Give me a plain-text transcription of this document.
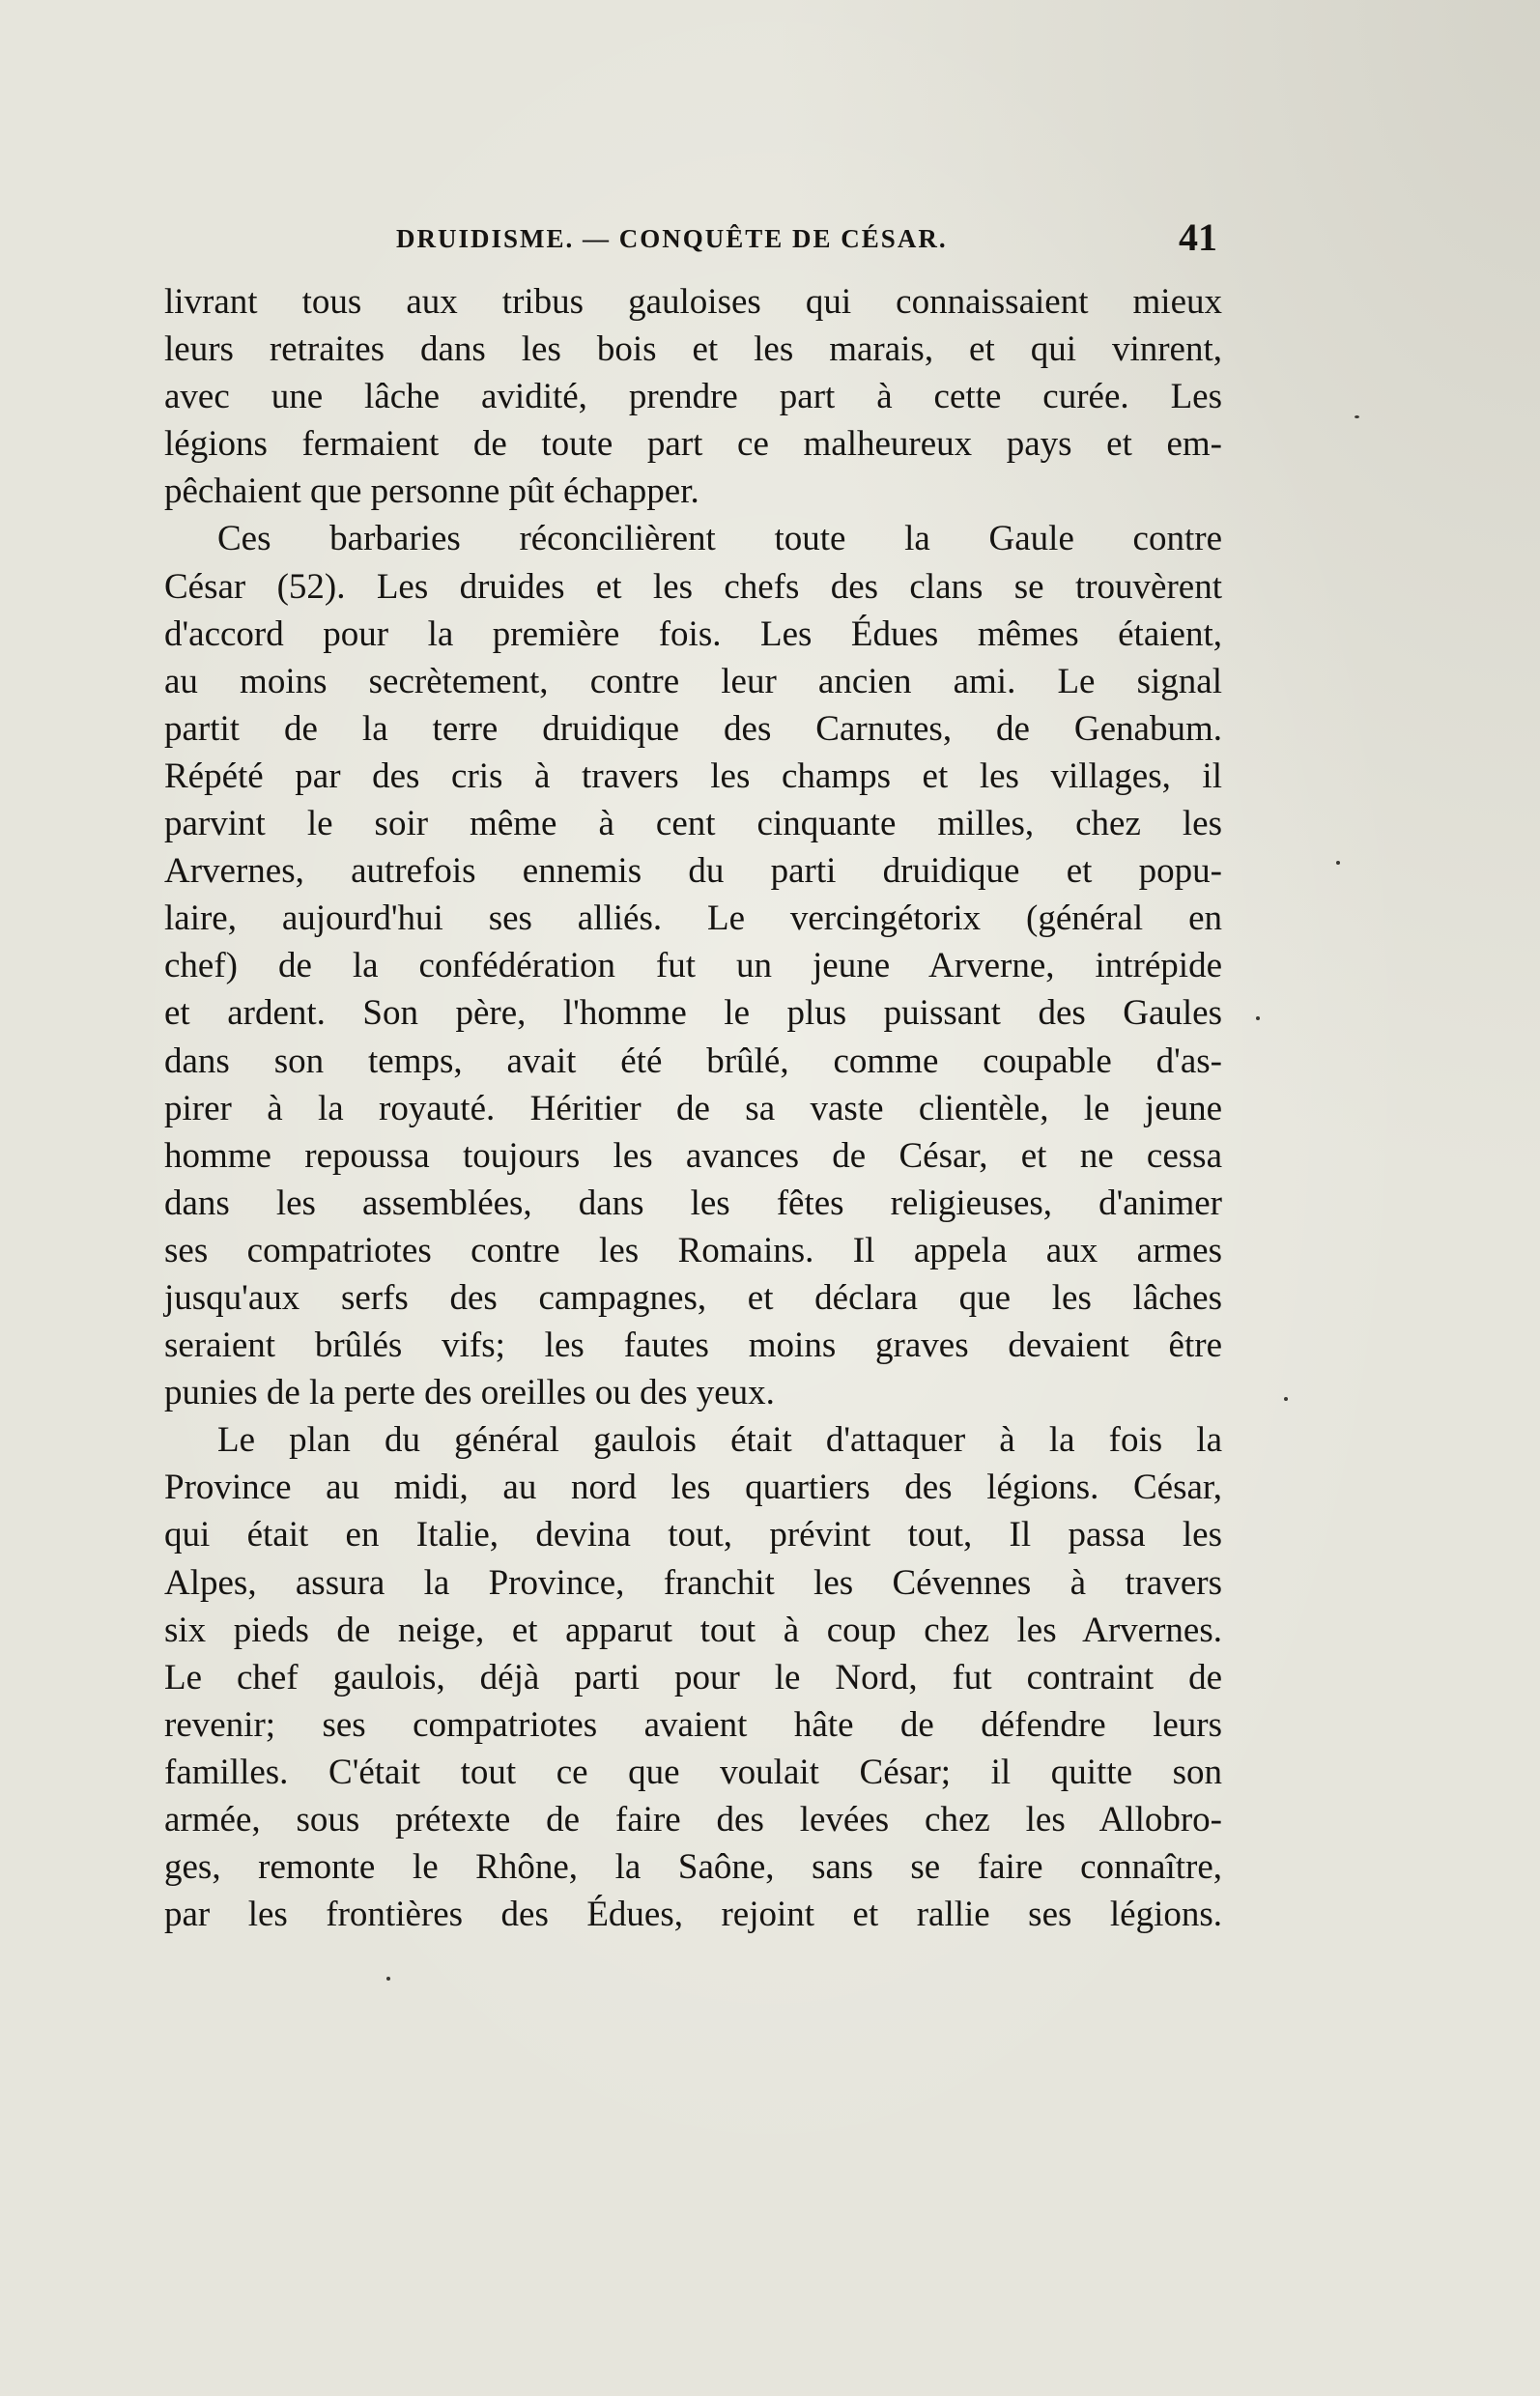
DRUIDISME. — CONQUÊTE DE CÉSAR.	41
livrant tous aux tribus gauloises qui connaissaient mieux
leurs retraites dans les bois et les marais, et qui vinrent,
avec une lâche avidité, prendre part à cette curée. Les
légions fermaient de toute part ce malheureux pays et em-
pêchaient que personne pût échapper.
Ces barbaries réconcilièrent toute la Gaule contre
César (52). Les druides et les chefs des clans se trouvèrent
d'accord pour la première fois. Les Édues mêmes étaient,
au moins secrètement, contre leur ancien ami. Le signal
partit de la terre druidique des Carnutes, de Genabum.
Répété par des cris à travers les champs et les villages, il
parvint le soir même à cent cinquante milles, chez les
Arvernes, autrefois ennemis du parti druidique et popu-
laire, aujourd'hui ses alliés. Le vercingétorix (général en
chef) de la confédération fut un jeune Arverne, intrépide
et ardent. Son père, l'homme le plus puissant des Gaules
dans son temps, avait été brûlé, comme coupable d'as-
pirer à la royauté. Héritier de sa vaste clientèle, le jeune
homme repoussa toujours les avances de César, et ne cessa
dans les assemblées, dans les fêtes religieuses, d'animer
ses compatriotes contre les Romains. Il appela aux armes
jusqu'aux serfs des campagnes, et déclara que les lâches
seraient brûlés vifs; les fautes moins graves devaient être
punies de la perte des oreilles ou des yeux.
Le plan du général gaulois était d'attaquer à la fois la
Province au midi, au nord les quartiers des légions. César,
qui était en Italie, devina tout, prévint tout, Il passa les
Alpes, assura la Province, franchit les Cévennes à travers
six pieds de neige, et apparut tout à coup chez les Arvernes.
Le chef gaulois, déjà parti pour le Nord, fut contraint de
revenir; ses compatriotes avaient hâte de défendre leurs
familles. C'était tout ce que voulait César; il quitte son
armée, sous prétexte de faire des levées chez les Allobro-
ges, remonte le Rhône, la Saône, sans se faire connaître,
par les frontières des Édues, rejoint et rallie ses légions.
